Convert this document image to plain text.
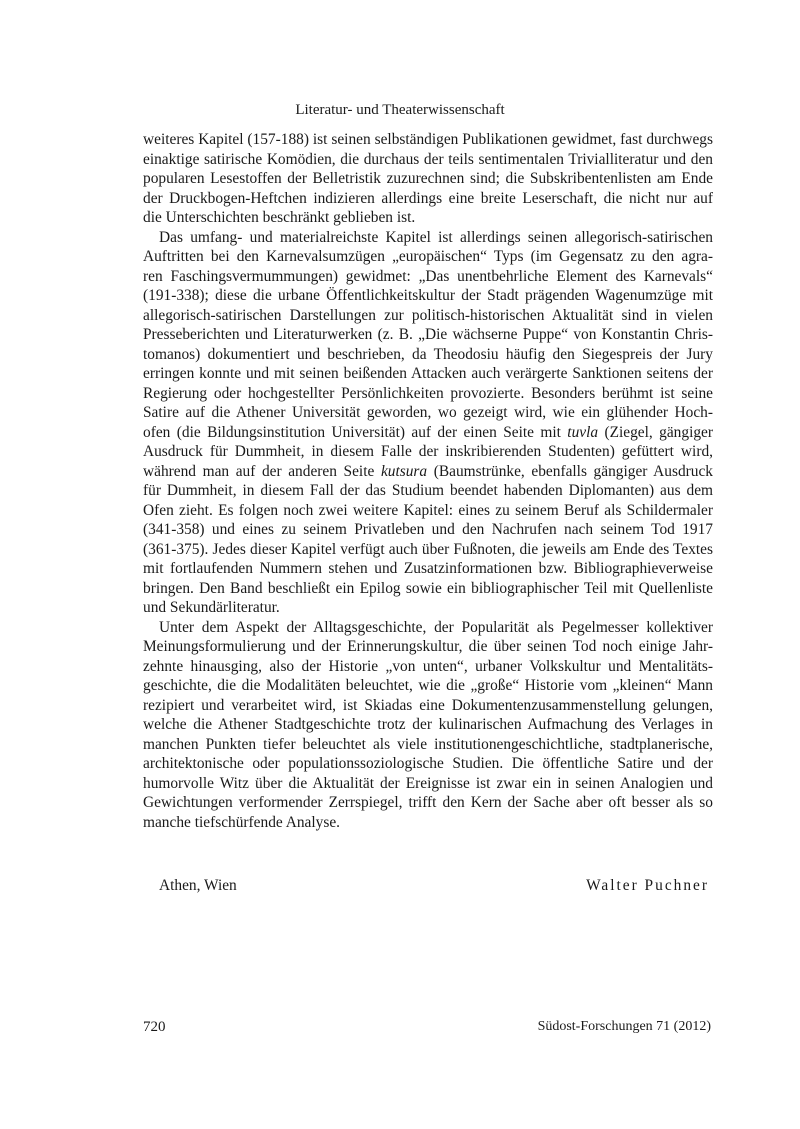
Literatur- und Theaterwissenschaft
weiteres Kapitel (157-188) ist seinen selbständigen Publikationen gewidmet, fast durchwegs
einaktige satirische Komödien, die durchaus der teils sentimentalen Trivialliteratur und den
popularen Lesestoffen der Belletristik zuzurechnen sind; die Subskribentenlisten am Ende
der Druckbogen-Heftchen indizieren allerdings eine breite Leserschaft, die nicht nur auf
die Unterschichten beschränkt geblieben ist.
Das umfang- und materialreichste Kapitel ist allerdings seinen allegorisch-satirischen
Auftritten bei den Karnevalsumzügen „europäischen“ Typs (im Gegensatz zu den agra-
ren Faschingsvermummungen) gewidmet: „Das unentbehrliche Element des Karnevals“
(191-338); diese die urbane Öffentlichkeitskultur der Stadt prägenden Wagenumzüge mit
allegorisch-satirischen Darstellungen zur politisch-historischen Aktualität sind in vielen
Presseberichten und Literaturwerken (z. B. „Die wächserne Puppe“ von Konstantin Chris-
tomanos) dokumentiert und beschrieben, da Theodosiu häufig den Siegespreis der Jury
erringen konnte und mit seinen beißenden Attacken auch verärgerte Sanktionen seitens der
Regierung oder hochgestellter Persönlichkeiten provozierte. Besonders berühmt ist seine
Satire auf die Athener Universität geworden, wo gezeigt wird, wie ein glühender Hoch-
ofen (die Bildungsinstitution Universität) auf der einen Seite mit tuvla (Ziegel, gängiger
Ausdruck für Dummheit, in diesem Falle der inskribierenden Studenten) gefüttert wird,
während man auf der anderen Seite kutsura (Baumstrünke, ebenfalls gängiger Ausdruck
für Dummheit, in diesem Fall der das Studium beendet habenden Diplomanten) aus dem
Ofen zieht. Es folgen noch zwei weitere Kapitel: eines zu seinem Beruf als Schildermaler
(341-358) und eines zu seinem Privatleben und den Nachrufen nach seinem Tod 1917
(361-375). Jedes dieser Kapitel verfügt auch über Fußnoten, die jeweils am Ende des Textes
mit fortlaufenden Nummern stehen und Zusatzinformationen bzw. Bibliographieverweise
bringen. Den Band beschließt ein Epilog sowie ein bibliographischer Teil mit Quellenliste
und Sekundärliteratur.
Unter dem Aspekt der Alltagsgeschichte, der Popularität als Pegelmesser kollektiver
Meinungsformulierung und der Erinnerungskultur, die über seinen Tod noch einige Jahr-
zehnte hinausging, also der Historie „von unten“, urbaner Volkskultur und Mentalitäts-
geschichte, die die Modalitäten beleuchtet, wie die „große“ Historie vom „kleinen“ Mann
rezipiert und verarbeitet wird, ist Skiadas eine Dokumentenzusammenstellung gelungen,
welche die Athener Stadtgeschichte trotz der kulinarischen Aufmachung des Verlages in
manchen Punkten tiefer beleuchtet als viele institutionengeschichtliche, stadtplanerische,
architektonische oder populationssoziologische Studien. Die öffentliche Satire und der
humorvolle Witz über die Aktualität der Ereignisse ist zwar ein in seinen Analogien und
Gewichtungen verformender Zerrspiegel, trifft den Kern der Sache aber oft besser als so
manche tiefschürfende Analyse.
Athen, Wien	Walter Puchner
720	Südost-Forschungen 71 (2012)
